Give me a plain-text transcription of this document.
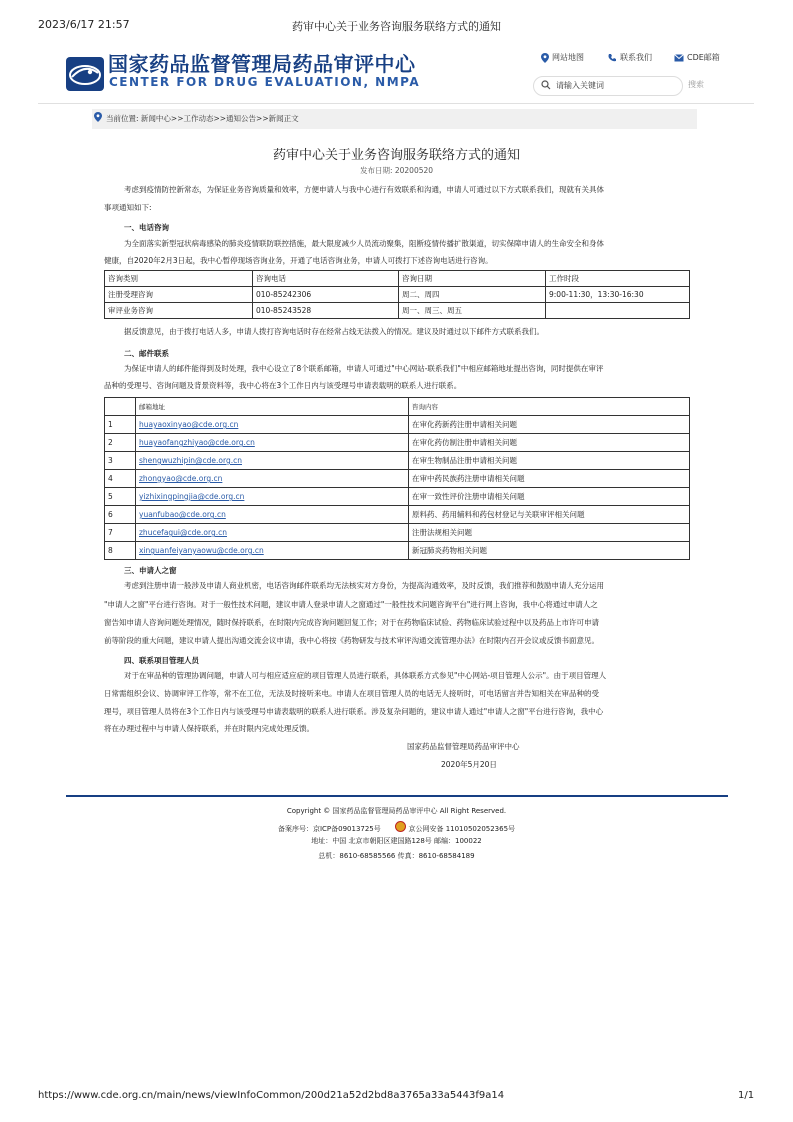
2023/6/17 21:57	药审中心关于业务咨询服务联络方式的通知
国家药品监督管理局药品审评中心
CENTER FOR DRUG EVALUATION, NMPA
网站地图	联系我们	CDE邮箱
请输入关键词
搜索
当前位置: 新闻中心>>工作动态>>通知公告>>新闻正文
药审中心关于业务咨询服务联络方式的通知
发布日期: 20200520
考虑到疫情防控新常态，为保证业务咨询质量和效率，方便申请人与我中心进行有效联系和沟通，申请人可通过以下方式联系我们，现就有关具体
事项通知如下:
一、电话咨询
为全面落实新型冠状病毒感染的肺炎疫情联防联控措施，最大限度减少人员流动聚集，阻断疫情传播扩散渠道，切实保障申请人的生命安全和身体
健康，自2020年2月3日起，我中心暂停现场咨询业务，开通了电话咨询业务，申请人可拨打下述咨询电话进行咨询。
咨询类别	咨询电话	咨询日期	工作时段
注册受理咨询	010-85242306	周二、周四	9:00-11:30，13:30-16:30
审评业务咨询	010-85243528	周一、周三、周五	
据反馈意见，由于拨打电话人多，申请人拨打咨询电话时存在经常占线无法拨入的情况。建议及时通过以下邮件方式联系我们。
二、邮件联系
为保证申请人的邮件能得到及时处理，我中心设立了8个联系邮箱，申请人可通过"中心网站-联系我们"中相应邮箱地址提出咨询，同时提供在审评
品种的受理号、咨询问题及背景资料等，我中心将在3个工作日内与该受理号申请表载明的联系人进行联系。
	邮箱地址	咨询内容
1	huayaoxinyao@cde.org.cn	在审化药新药注册申请相关问题
2	huayaofangzhiyao@cde.org.cn	在审化药仿制注册申请相关问题
3	shengwuzhipin@cde.org.cn	在审生物制品注册申请相关问题
4	zhongyao@cde.org.cn	在审中药民族药注册申请相关问题
5	yizhixingpingjia@cde.org.cn	在审一致性评价注册申请相关问题
6	yuanfubao@cde.org.cn	原料药、药用辅料和药包材登记与关联审评相关问题
7	zhucefagui@cde.org.cn	注册法规相关问题
8	xinguanfeiyanyaowu@cde.org.cn	新冠肺炎药物相关问题
三、申请人之窗
考虑到注册申请一般涉及申请人商业机密，电话咨询邮件联系均无法核实对方身份，为提高沟通效率，及时反馈，我们推荐和鼓励申请人充分运用
"申请人之窗"平台进行咨询。对于一般性技术问题，建议申请人登录申请人之窗通过"一般性技术问题咨询平台"进行网上咨询，我中心将通过申请人之
窗告知申请人咨询问题处理情况，随时保持联系，在时限内完成咨询问题回复工作；对于在药物临床试验、药物临床试验过程中以及药品上市许可申请
前等阶段的重大问题，建议申请人提出沟通交流会议申请，我中心将按《药物研发与技术审评沟通交流管理办法》在时限内召开会议或反馈书面意见。
四、联系项目管理人员
对于在审品种的管理协调问题，申请人可与相应适应症的项目管理人员进行联系，具体联系方式参见"中心网站-项目管理人公示"。由于项目管理人
日常需组织会议、协调审评工作等，常不在工位，无法及时接听来电。申请人在项目管理人员的电话无人接听时，可电话留言并告知相关在审品种的受
理号，项目管理人员将在3个工作日内与该受理号申请表载明的联系人进行联系。涉及复杂问题的，建议申请人通过"申请人之窗"平台进行咨询，我中心
将在办理过程中与申请人保持联系，并在时限内完成处理反馈。
国家药品监督管理局药品审评中心
2020年5月20日
Copyright © 国家药品监督管理局药品审评中心 All Right Reserved.
备案序号：京ICP备09013725号	京公网安备 11010502052365号
地址：中国 北京市朝阳区建国路128号 邮编：100022
总机：8610-68585566 传真：8610-68584189
https://www.cde.org.cn/main/news/viewInfoCommon/200d21a52d2bd8a3765a33a5443f9a14	1/1
